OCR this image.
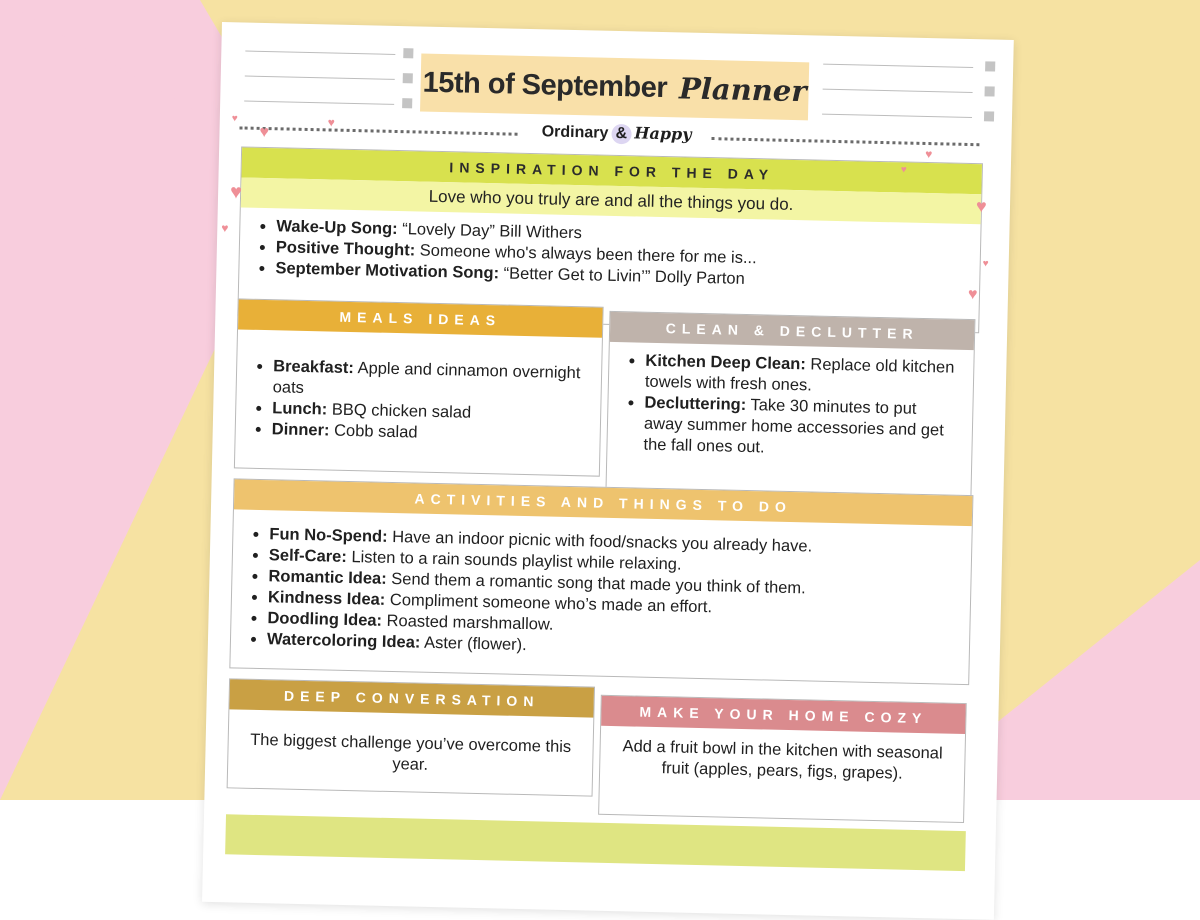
15th of September Planner
Ordinary & Happy
INSPIRATION FOR THE DAY
Love who you truly are and all the things you do.
• Wake-Up Song: “Lovely Day” Bill Withers
• Positive Thought: Someone who's always been there for me is...
• September Motivation Song: “Better Get to Livin’” Dolly Parton
MEALS IDEAS
• Breakfast: Apple and cinnamon overnight oats
• Lunch: BBQ chicken salad
• Dinner: Cobb salad
CLEAN & DECLUTTER
• Kitchen Deep Clean: Replace old kitchen towels with fresh ones.
• Decluttering: Take 30 minutes to put away summer home accessories and get the fall ones out.
ACTIVITIES AND THINGS TO DO
• Fun No-Spend: Have an indoor picnic with food/snacks you already have.
• Self-Care: Listen to a rain sounds playlist while relaxing.
• Romantic Idea: Send them a romantic song that made you think of them.
• Kindness Idea: Compliment someone who’s made an effort.
• Doodling Idea: Roasted marshmallow.
• Watercoloring Idea: Aster (flower).
DEEP CONVERSATION
The biggest challenge you’ve overcome this year.
MAKE YOUR HOME COZY
Add a fruit bowl in the kitchen with seasonal fruit (apples, pears, figs, grapes).
♥
♥
♥
♥
♥
♥
♥
♥
♥
♥
